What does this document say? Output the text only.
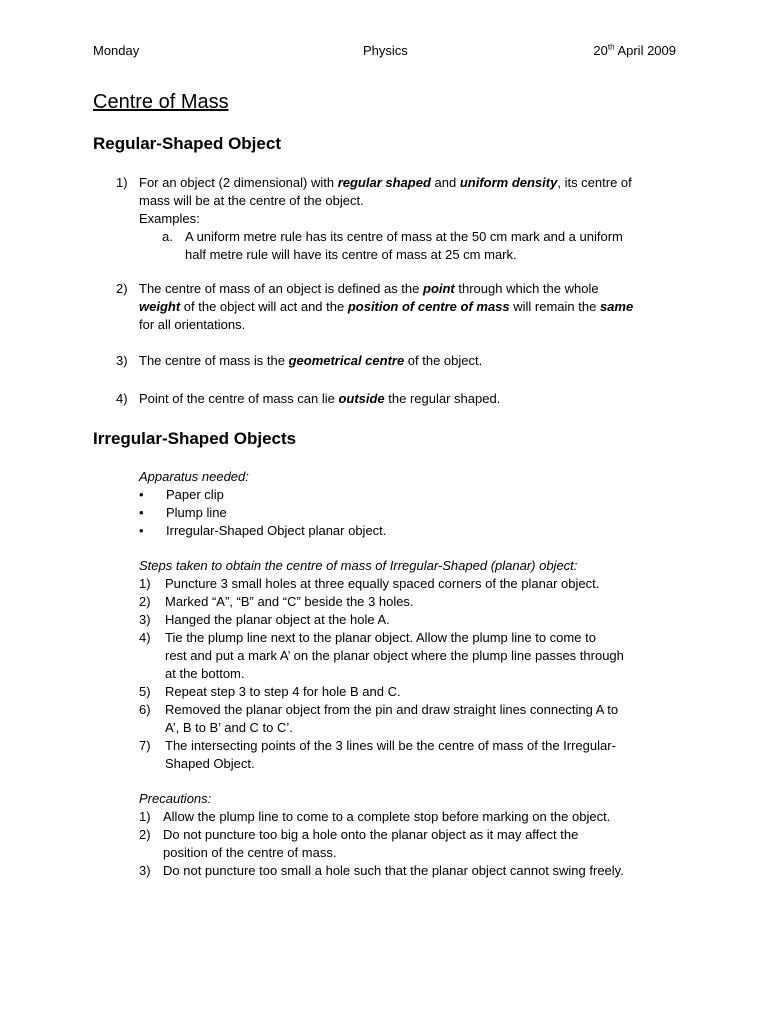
Monday	Physics	20th April 2009
Centre of Mass
Regular-Shaped Object
1) For an object (2 dimensional) with regular shaped and uniform density, its centre of
mass will be at the centre of the object.
Examples:
a. A uniform metre rule has its centre of mass at the 50 cm mark and a uniform
half metre rule will have its centre of mass at 25 cm mark.
2) The centre of mass of an object is defined as the point through which the whole
weight of the object will act and the position of centre of mass will remain the same
for all orientations.
3) The centre of mass is the geometrical centre of the object.
4) Point of the centre of mass can lie outside the regular shaped.
Irregular-Shaped Objects
Apparatus needed:
• Paper clip
• Plump line
• Irregular-Shaped Object planar object.
Steps taken to obtain the centre of mass of Irregular-Shaped (planar) object:
1) Puncture 3 small holes at three equally spaced corners of the planar object.
2) Marked “A”, “B” and “C” beside the 3 holes.
3) Hanged the planar object at the hole A.
4) Tie the plump line next to the planar object. Allow the plump line to come to
rest and put a mark A’ on the planar object where the plump line passes through
at the bottom.
5) Repeat step 3 to step 4 for hole B and C.
6) Removed the planar object from the pin and draw straight lines connecting A to
A’, B to B’ and C to C’.
7) The intersecting points of the 3 lines will be the centre of mass of the Irregular-
Shaped Object.
Precautions:
1) Allow the plump line to come to a complete stop before marking on the object.
2) Do not puncture too big a hole onto the planar object as it may affect the
position of the centre of mass.
3) Do not puncture too small a hole such that the planar object cannot swing freely.
